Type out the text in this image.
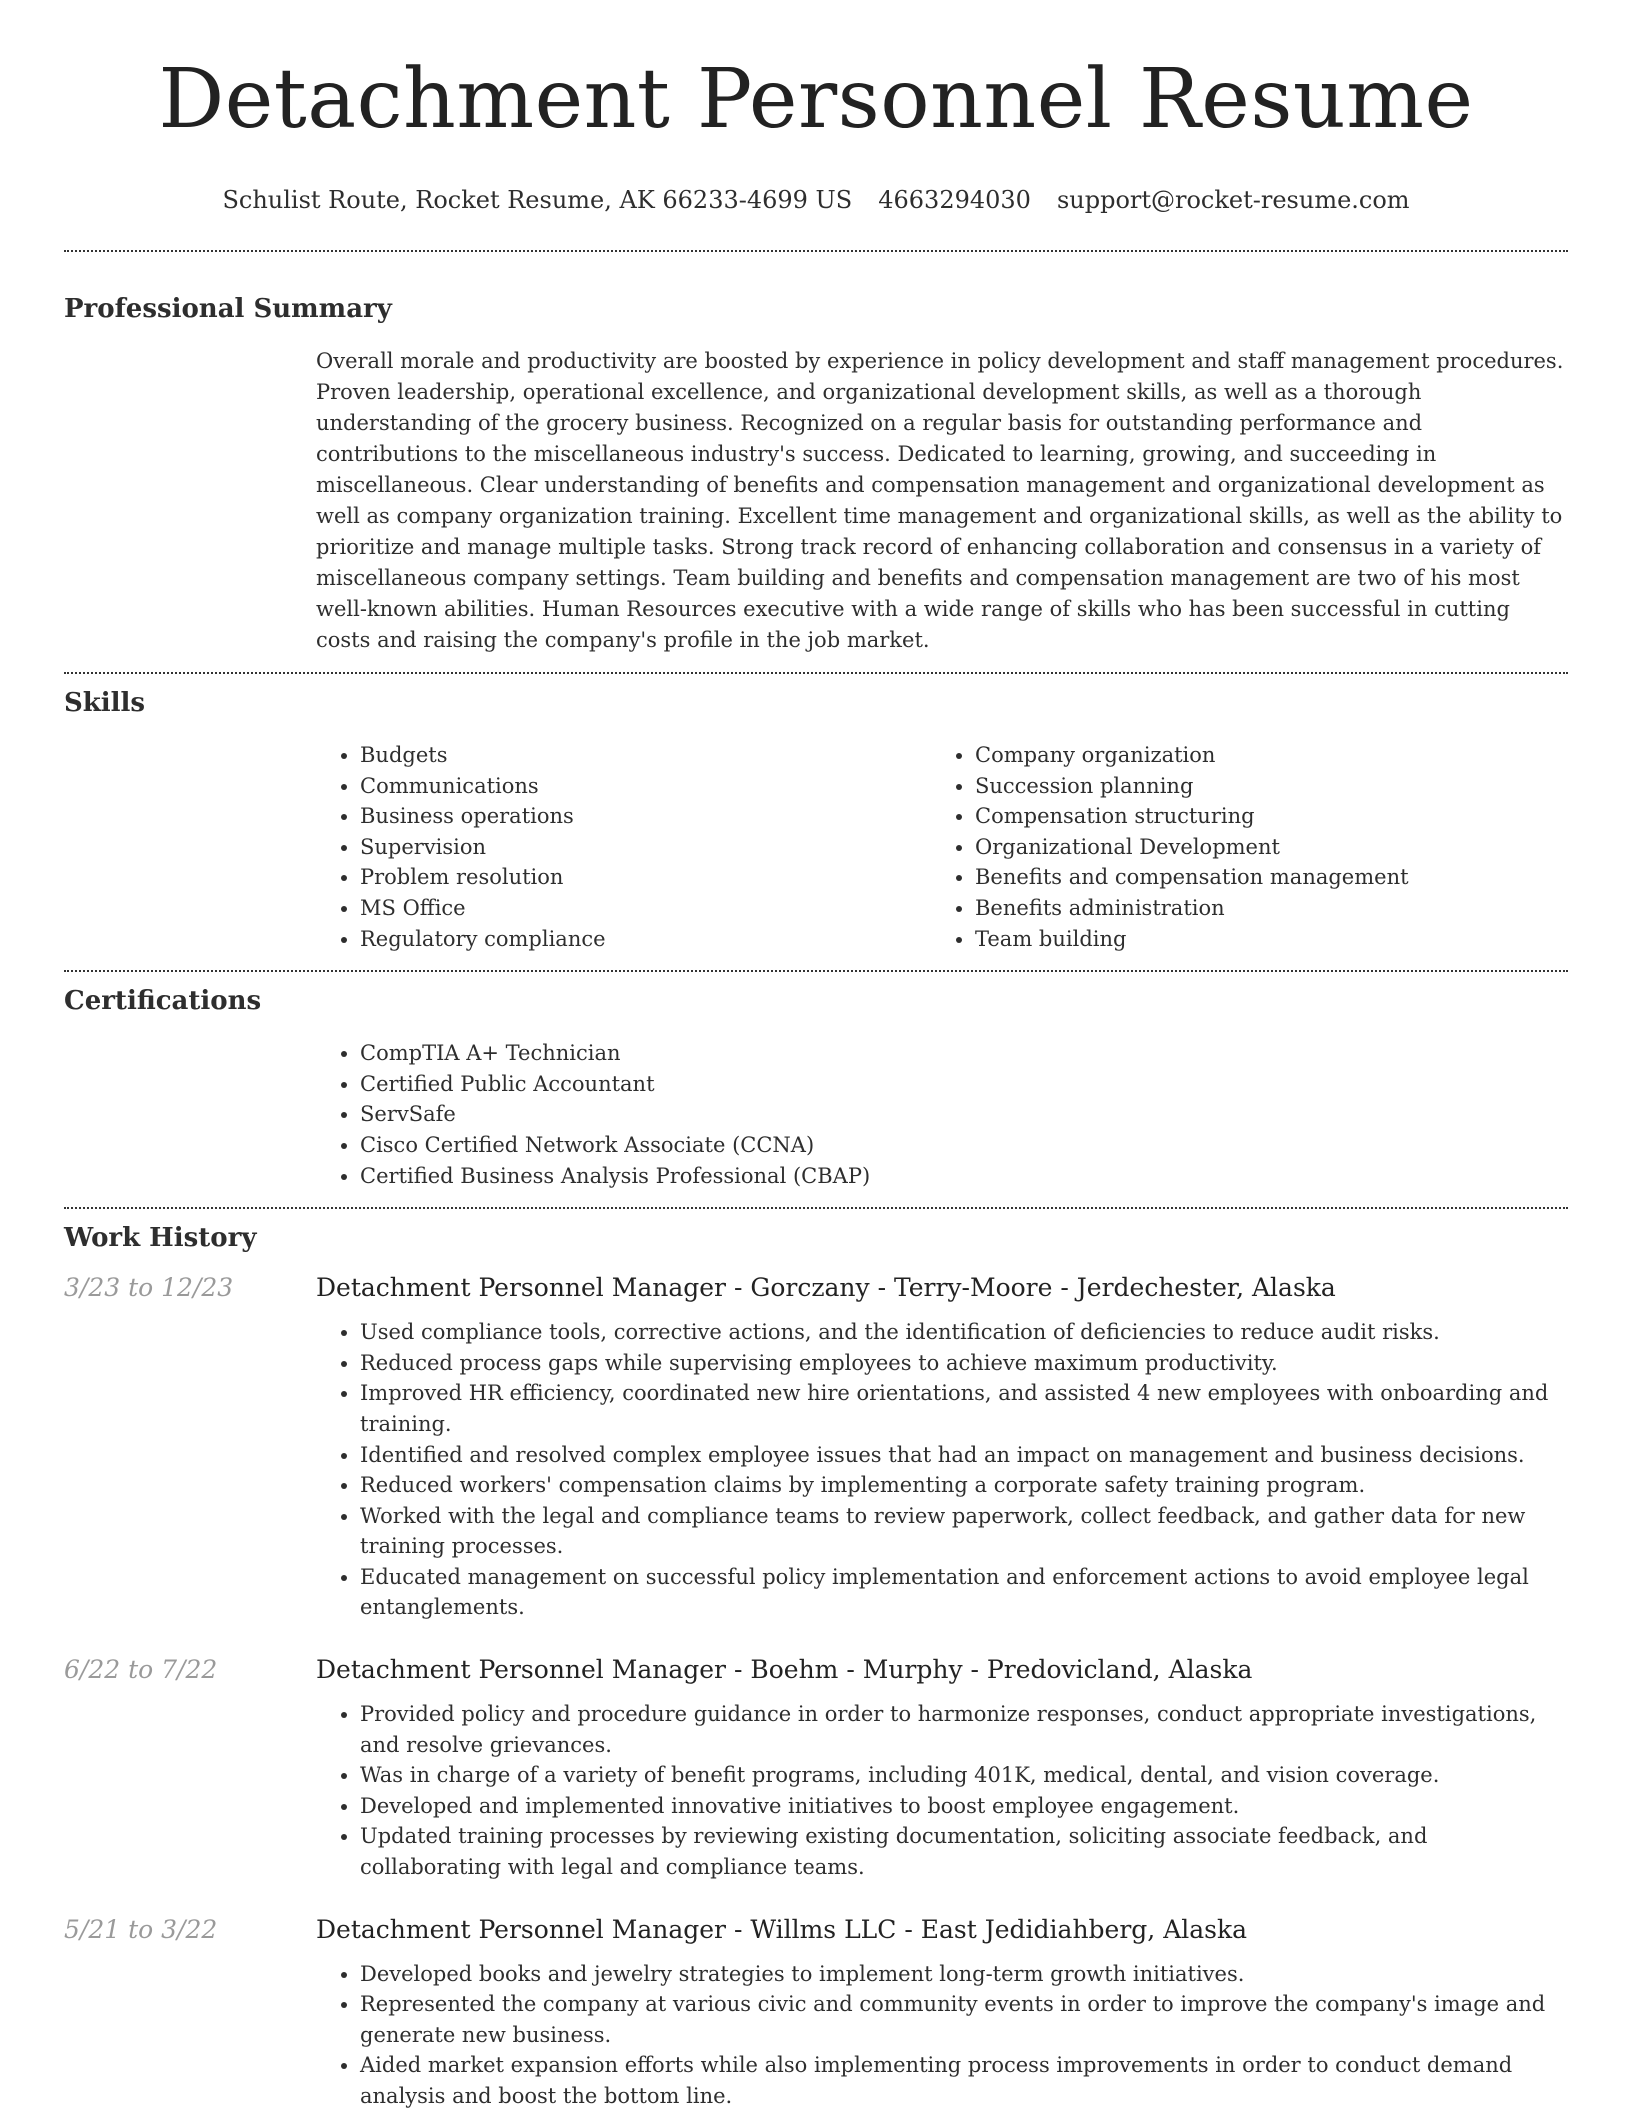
Detachment Personnel Resume
Schulist Route, Rocket Resume, AK 66233-4699 US 4663294030 support@rocket-resume.com
Professional Summary
Overall morale and productivity are boosted by experience in policy development and staff management procedures. Proven leadership, operational excellence, and organizational development skills, as well as a thorough understanding of the grocery business. Recognized on a regular basis for outstanding performance and contributions to the miscellaneous industry's success. Dedicated to learning, growing, and succeeding in miscellaneous. Clear understanding of benefits and compensation management and organizational development as well as company organization training. Excellent time management and organizational skills, as well as the ability to prioritize and manage multiple tasks. Strong track record of enhancing collaboration and consensus in a variety of miscellaneous company settings. Team building and benefits and compensation management are two of his most well-known abilities. Human Resources executive with a wide range of skills who has been successful in cutting costs and raising the company's profile in the job market.
Skills
• Budgets
• Communications
• Business operations
• Supervision
• Problem resolution
• MS Office
• Regulatory compliance
• Company organization
• Succession planning
• Compensation structuring
• Organizational Development
• Benefits and compensation management
• Benefits administration
• Team building
Certifications
• CompTIA A+ Technician
• Certified Public Accountant
• ServSafe
• Cisco Certified Network Associate (CCNA)
• Certified Business Analysis Professional (CBAP)
Work History
3/23 to 12/23	Detachment Personnel Manager - Gorczany - Terry-Moore - Jerdechester, Alaska
• Used compliance tools, corrective actions, and the identification of deficiencies to reduce audit risks.
• Reduced process gaps while supervising employees to achieve maximum productivity.
• Improved HR efficiency, coordinated new hire orientations, and assisted 4 new employees with onboarding and training.
• Identified and resolved complex employee issues that had an impact on management and business decisions.
• Reduced workers' compensation claims by implementing a corporate safety training program.
• Worked with the legal and compliance teams to review paperwork, collect feedback, and gather data for new training processes.
• Educated management on successful policy implementation and enforcement actions to avoid employee legal entanglements.
6/22 to 7/22	Detachment Personnel Manager - Boehm - Murphy - Predovicland, Alaska
• Provided policy and procedure guidance in order to harmonize responses, conduct appropriate investigations, and resolve grievances.
• Was in charge of a variety of benefit programs, including 401K, medical, dental, and vision coverage.
• Developed and implemented innovative initiatives to boost employee engagement.
• Updated training processes by reviewing existing documentation, soliciting associate feedback, and collaborating with legal and compliance teams.
5/21 to 3/22	Detachment Personnel Manager - Willms LLC - East Jedidiahberg, Alaska
• Developed books and jewelry strategies to implement long-term growth initiatives.
• Represented the company at various civic and community events in order to improve the company's image and generate new business.
• Aided market expansion efforts while also implementing process improvements in order to conduct demand analysis and boost the bottom line.
